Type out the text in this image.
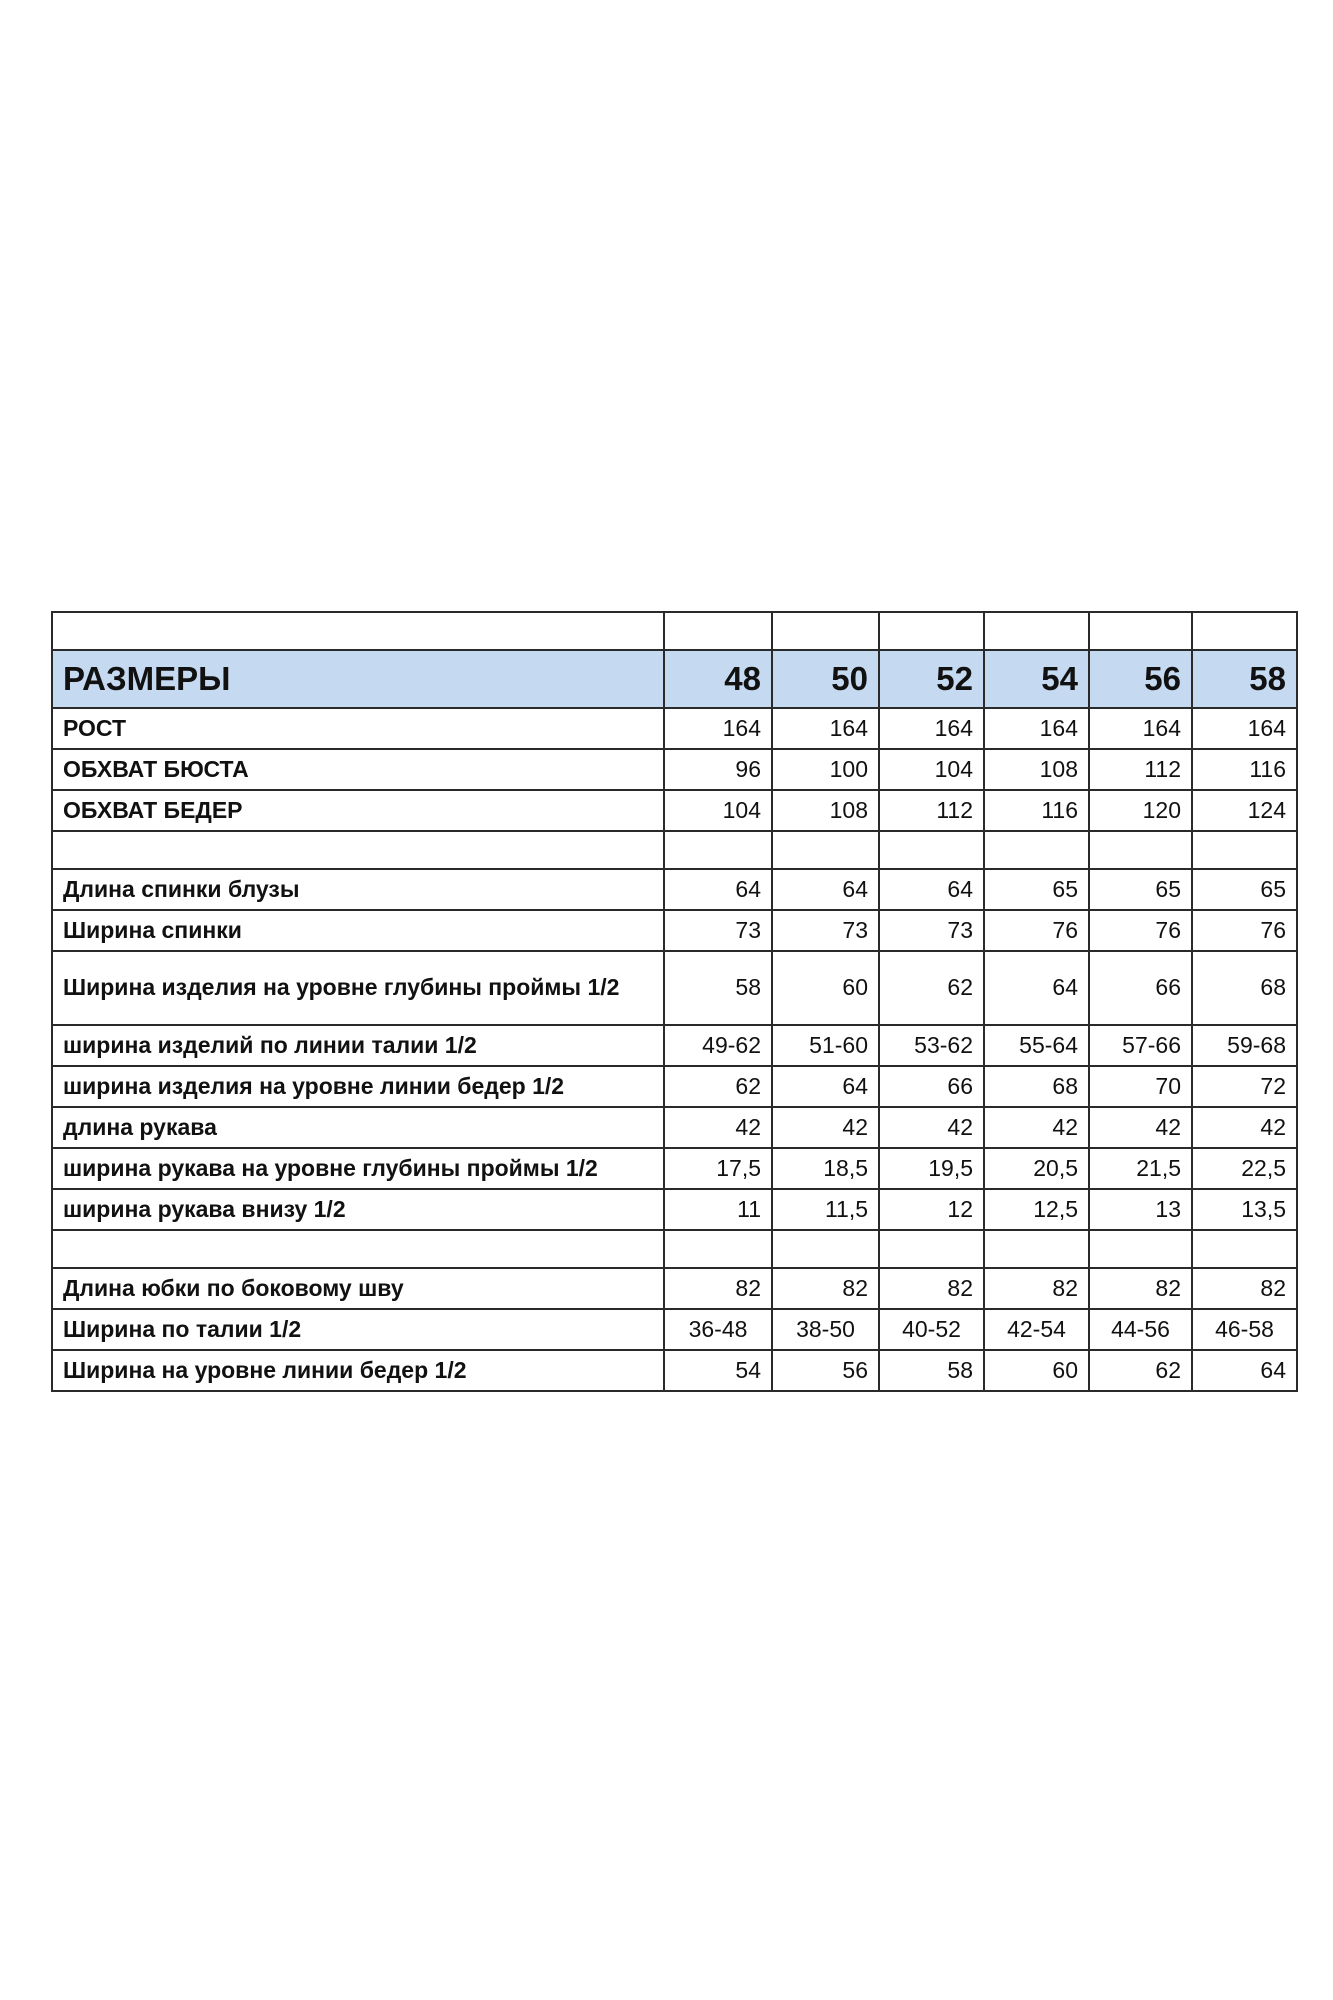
РАЗМЕРЫ	48	50	52	54	56	58
РОСТ	164	164	164	164	164	164
ОБХВАТ БЮСТА	96	100	104	108	112	116
ОБХВАТ БЕДЕР	104	108	112	116	120	124

Длина спинки блузы	64	64	64	65	65	65
Ширина спинки	73	73	73	76	76	76
Ширина изделия на уровне глубины проймы 1/2	58	60	62	64	66	68
ширина изделий по линии талии 1/2	49-62	51-60	53-62	55-64	57-66	59-68
ширина изделия на уровне линии бедер 1/2	62	64	66	68	70	72
длина рукава	42	42	42	42	42	42
ширина рукава на уровне глубины проймы 1/2	17,5	18,5	19,5	20,5	21,5	22,5
ширина рукава внизу 1/2	11	11,5	12	12,5	13	13,5

Длина юбки по боковому шву	82	82	82	82	82	82
Ширина по талии 1/2	36-48	38-50	40-52	42-54	44-56	46-58
Ширина на уровне линии бедер 1/2	54	56	58	60	62	64
